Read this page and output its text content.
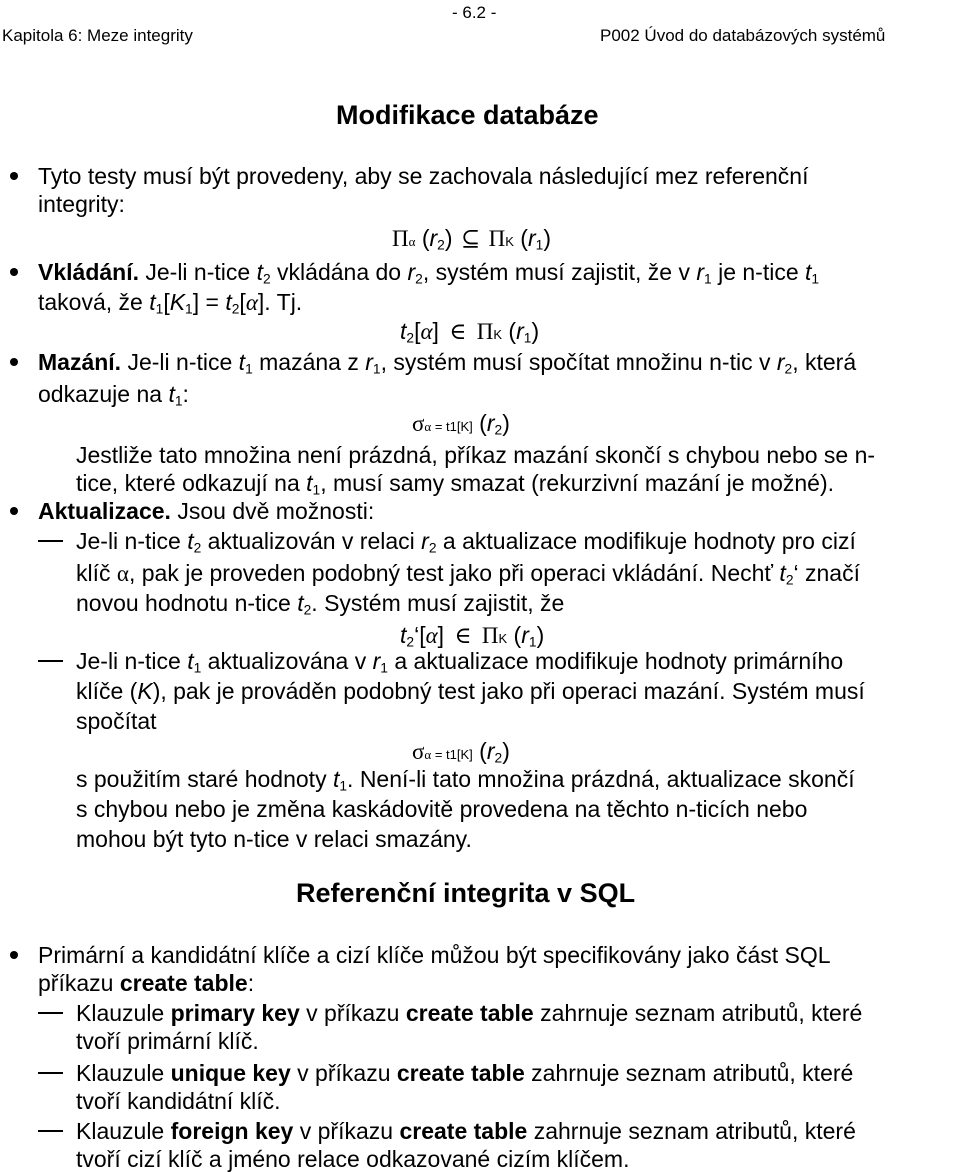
- 6.2 -
Kapitola 6: Meze integrity	P002 Úvod do databázových systémů
Modifikace databáze
Tyto testy musí být provedeny, aby se zachovala následující mez referenční
integrity:
Πα $(r_2)$ ⊆ ΠK $(r_1)$
Vkládání. Je-li n-tice $t_2$ vkládána do $r_2$, systém musí zajistit, že v $r_1$ je n-tice $t_1$
taková, že $t_1[K_1] = t_2[\alpha]$. Tj.
$t_2[\alpha]$ ∈ ΠK $(r_1)$
Mazání. Je-li n-tice $t_1$ mazána z $r_1$, systém musí spočítat množinu n-tic v $r_2$, která
odkazuje na $t_1$:
σα = t1[K] $(r_2)$
Jestliže tato množina není prázdná, příkaz mazání skončí s chybou nebo se n-
tice, které odkazují na $t_1$, musí samy smazat (rekurzivní mazání je možné).
Aktualizace. Jsou dvě možnosti:
Je-li n-tice $t_2$ aktualizován v relaci $r_2$ a aktualizace modifikuje hodnoty pro cizí
klíč α, pak je proveden podobný test jako při operaci vkládání. Nechť $t_2‘$ značí
novou hodnotu n-tice $t_2$. Systém musí zajistit, že
$t_2‘[\alpha]$ ∈ ΠK $(r_1)$
Je-li n-tice $t_1$ aktualizována v $r_1$ a aktualizace modifikuje hodnoty primárního
klíče (K), pak je prováděn podobný test jako při operaci mazání. Systém musí
spočítat
σα = t1[K] $(r_2)$
s použitím staré hodnoty $t_1$. Není-li tato množina prázdná, aktualizace skončí
s chybou nebo je změna kaskádovitě provedena na těchto n-ticích nebo
mohou být tyto n-tice v relaci smazány.
Referenční integrita v SQL
Primární a kandidátní klíče a cizí klíče můžou být specifikovány jako část SQL
příkazu create table:
Klauzule primary key v příkazu create table zahrnuje seznam atributů, které
tvoří primární klíč.
Klauzule unique key v příkazu create table zahrnuje seznam atributů, které
tvoří kandidátní klíč.
Klauzule foreign key v příkazu create table zahrnuje seznam atributů, které
tvoří cizí klíč a jméno relace odkazované cizím klíčem.
